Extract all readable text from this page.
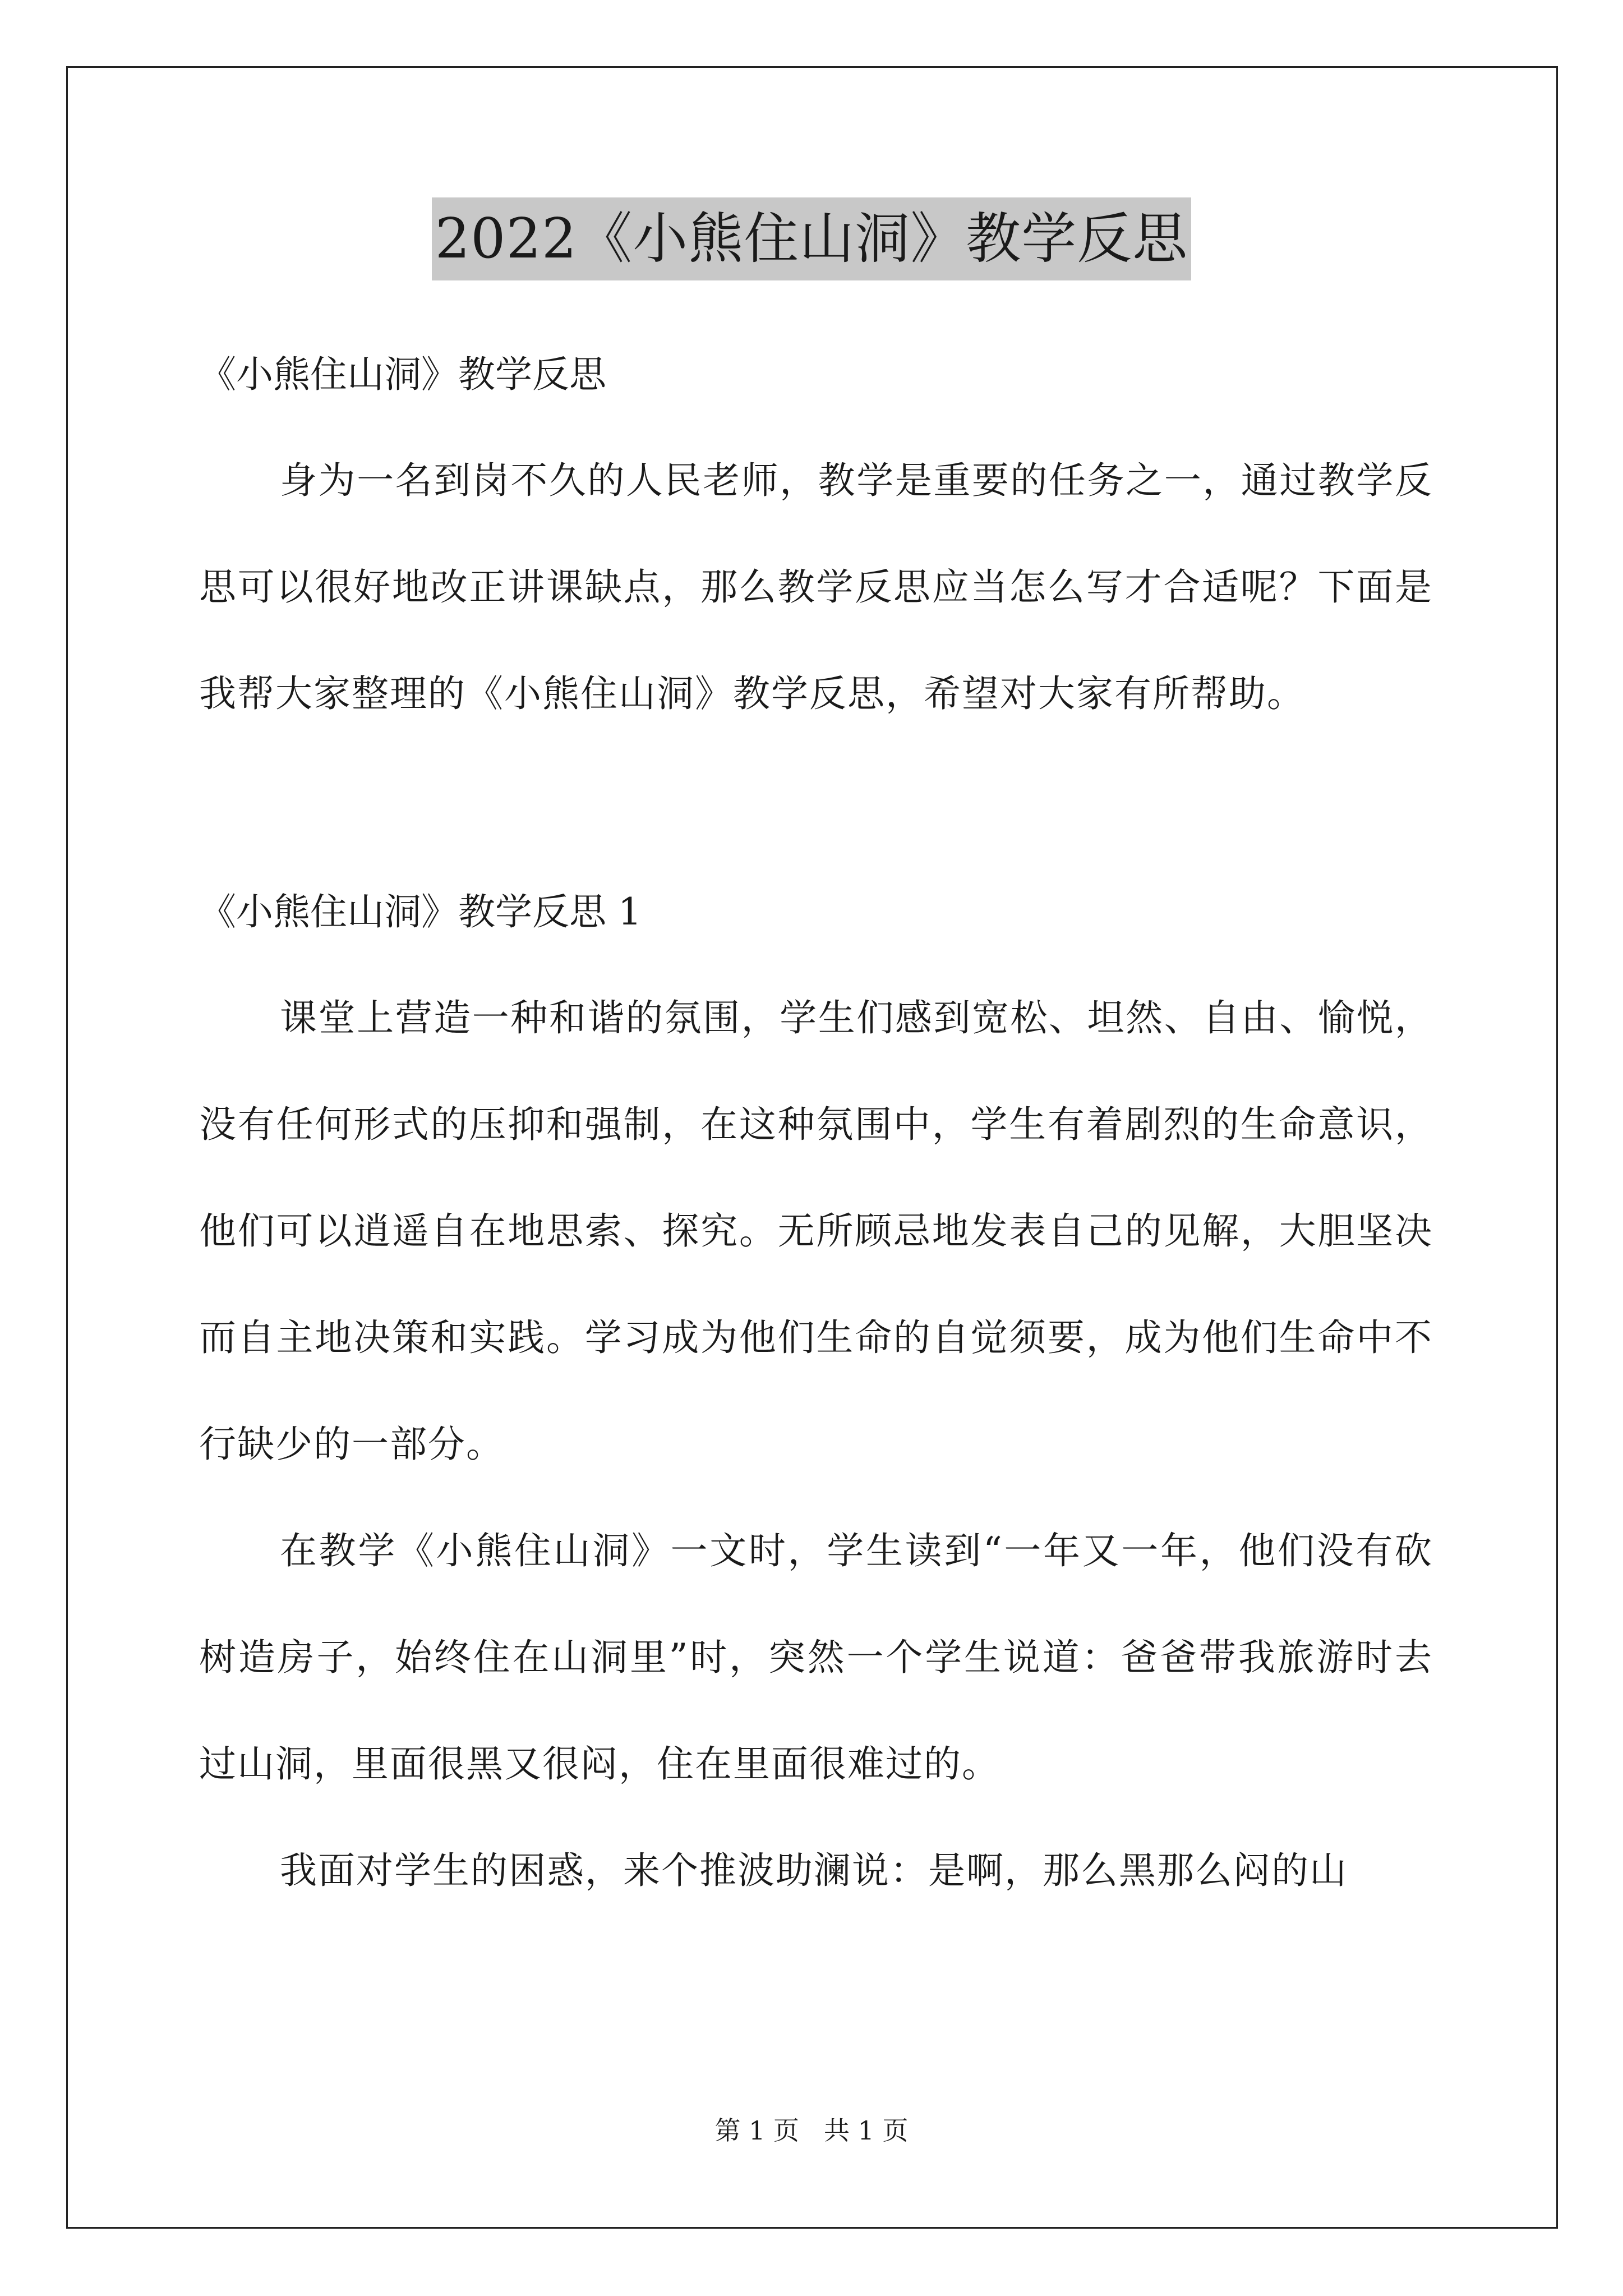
2022《小熊住山洞》教学反思

《小熊住山洞》教学反思

身为一名到岗不久的人民老师，教学是重要的任务之一，通过教学反思可以很好地改正讲课缺点，那么教学反思应当怎么写才合适呢？下面是我帮大家整理的《小熊住山洞》教学反思，希望对大家有所帮助。

《小熊住山洞》教学反思 1

课堂上营造一种和谐的氛围，学生们感到宽松、坦然、自由、愉悦，没有任何形式的压抑和强制，在这种氛围中，学生有着剧烈的生命意识，他们可以逍遥自在地思索、探究。无所顾忌地发表自己的见解，大胆坚决而自主地决策和实践。学习成为他们生命的自觉须要，成为他们生命中不行缺少的一部分。

在教学《小熊住山洞》一文时，学生读到“一年又一年，他们没有砍树造房子，始终住在山洞里”时，突然一个学生说道：爸爸带我旅游时去过山洞，里面很黑又很闷，住在里面很难过的。

我面对学生的困惑，来个推波助澜说：是啊，那么黑那么闷的山

第 1 页 共 1 页
